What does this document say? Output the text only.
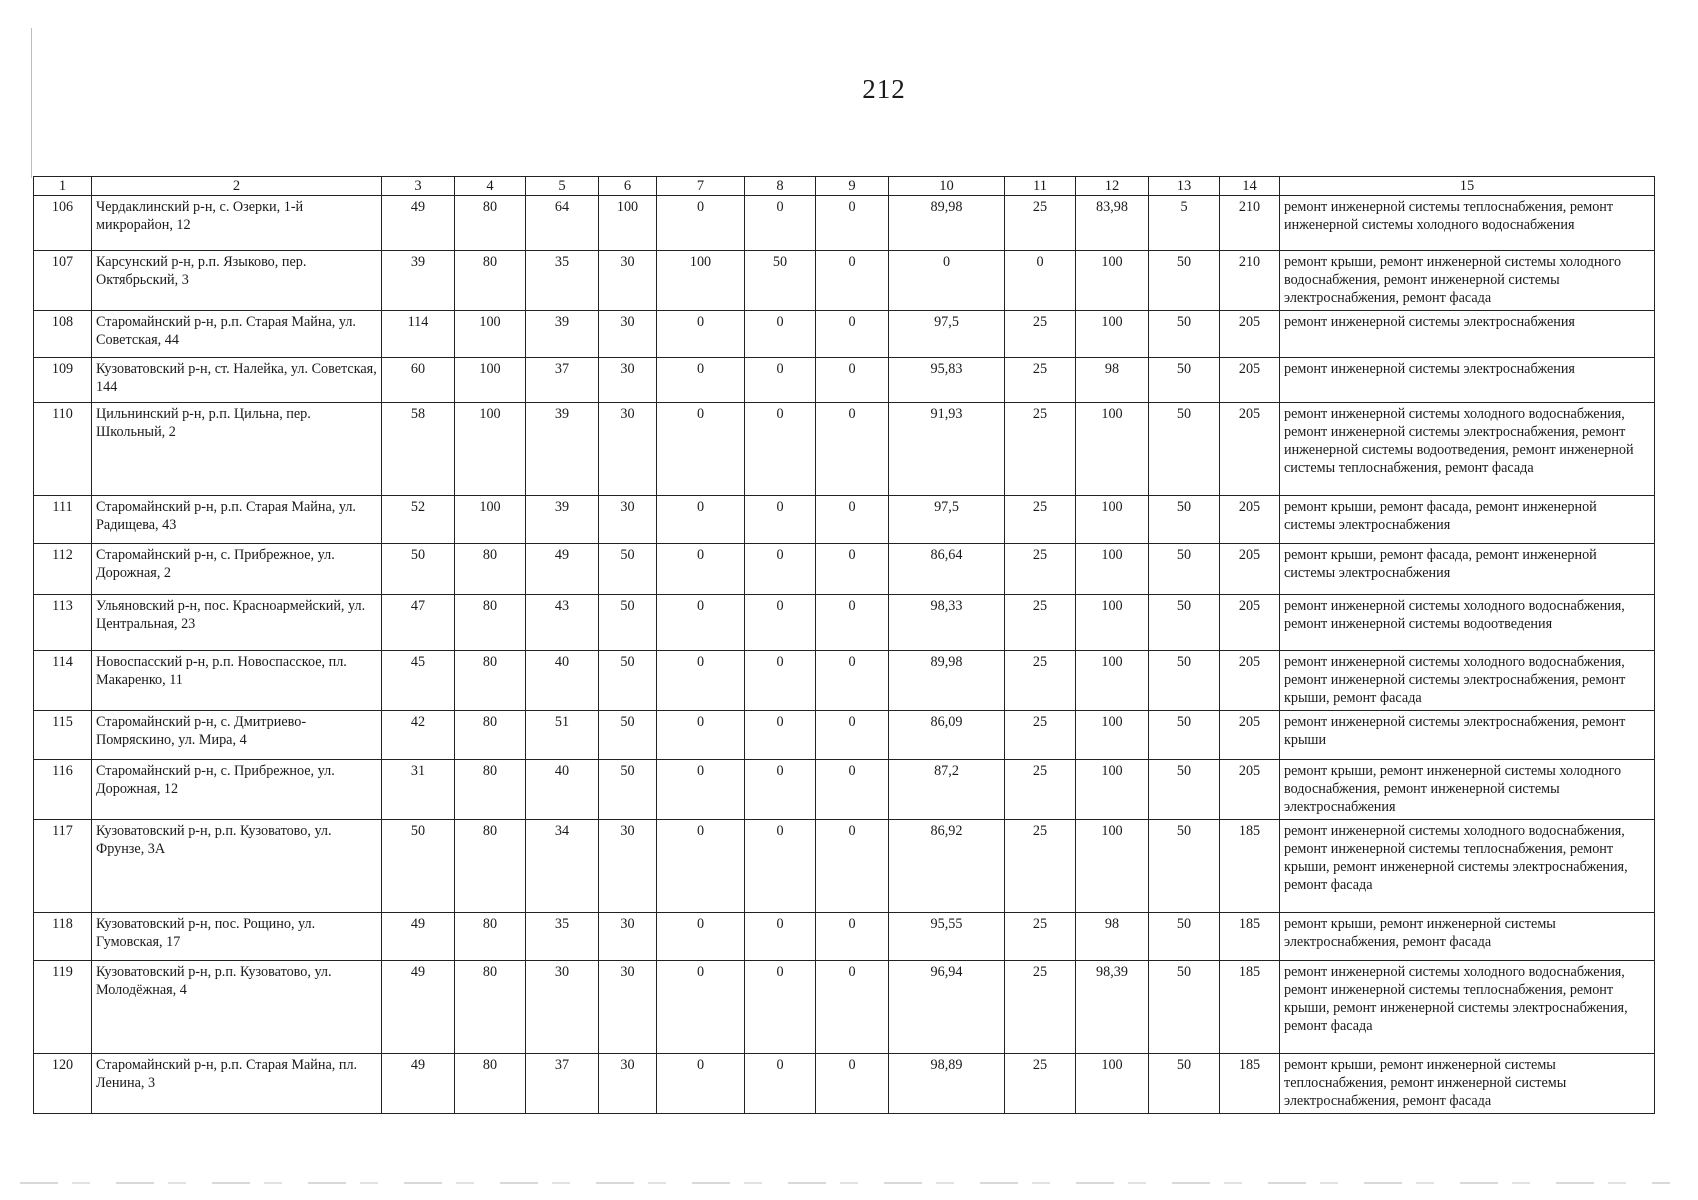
212
1	2	3	4	5	6	7	8	9	10	11	12	13	14	15
106	Чердаклинский р-н, с. Озерки, 1-й микрорайон, 12	49	80	64	100	0	0	0	89,98	25	83,98	5	210	ремонт инженерной системы теплоснабжения, ремонт инженерной системы холодного водоснабжения
107	Карсунский р-н, р.п. Языково, пер. Октябрьский, 3	39	80	35	30	100	50	0	0	0	100	50	210	ремонт крыши, ремонт инженерной системы холодного водоснабжения, ремонт инженерной системы электроснабжения, ремонт фасада
108	Старомайнский р-н, р.п. Старая Майна, ул. Советская, 44	114	100	39	30	0	0	0	97,5	25	100	50	205	ремонт инженерной системы электроснабжения
109	Кузоватовский р-н, ст. Налейка, ул. Советская, 144	60	100	37	30	0	0	0	95,83	25	98	50	205	ремонт инженерной системы электроснабжения
110	Цильнинский р-н, р.п. Цильна, пер. Школьный, 2	58	100	39	30	0	0	0	91,93	25	100	50	205	ремонт инженерной системы холодного водоснабжения, ремонт инженерной системы электроснабжения, ремонт инженерной системы водоотведения, ремонт инженерной системы теплоснабжения, ремонт фасада
111	Старомайнский р-н, р.п. Старая Майна, ул. Радищева, 43	52	100	39	30	0	0	0	97,5	25	100	50	205	ремонт крыши, ремонт фасада, ремонт инженерной системы электроснабжения
112	Старомайнский р-н, с. Прибрежное, ул. Дорожная, 2	50	80	49	50	0	0	0	86,64	25	100	50	205	ремонт крыши, ремонт фасада, ремонт инженерной системы электроснабжения
113	Ульяновский р-н, пос. Красноармейский, ул. Центральная, 23	47	80	43	50	0	0	0	98,33	25	100	50	205	ремонт инженерной системы холодного водоснабжения, ремонт инженерной системы водоотведения
114	Новоспасский р-н, р.п. Новоспасское, пл. Макаренко, 11	45	80	40	50	0	0	0	89,98	25	100	50	205	ремонт инженерной системы холодного водоснабжения, ремонт инженерной системы электроснабжения, ремонт крыши, ремонт фасада
115	Старомайнский р-н, с. Дмитриево-Помряскино, ул. Мира, 4	42	80	51	50	0	0	0	86,09	25	100	50	205	ремонт инженерной системы электроснабжения, ремонт крыши
116	Старомайнский р-н, с. Прибрежное, ул. Дорожная, 12	31	80	40	50	0	0	0	87,2	25	100	50	205	ремонт крыши, ремонт инженерной системы холодного водоснабжения, ремонт инженерной системы электроснабжения
117	Кузоватовский р-н, р.п. Кузоватово, ул. Фрунзе, 3А	50	80	34	30	0	0	0	86,92	25	100	50	185	ремонт инженерной системы холодного водоснабжения, ремонт инженерной системы теплоснабжения, ремонт крыши, ремонт инженерной системы электроснабжения, ремонт фасада
118	Кузоватовский р-н, пос. Рощино, ул. Гумовская, 17	49	80	35	30	0	0	0	95,55	25	98	50	185	ремонт крыши, ремонт инженерной системы электроснабжения, ремонт фасада
119	Кузоватовский р-н, р.п. Кузоватово, ул. Молодёжная, 4	49	80	30	30	0	0	0	96,94	25	98,39	50	185	ремонт инженерной системы холодного водоснабжения, ремонт инженерной системы теплоснабжения, ремонт крыши, ремонт инженерной системы электроснабжения, ремонт фасада
120	Старомайнский р-н, р.п. Старая Майна, пл. Ленина, 3	49	80	37	30	0	0	0	98,89	25	100	50	185	ремонт крыши, ремонт инженерной системы теплоснабжения, ремонт инженерной системы электроснабжения, ремонт фасада
